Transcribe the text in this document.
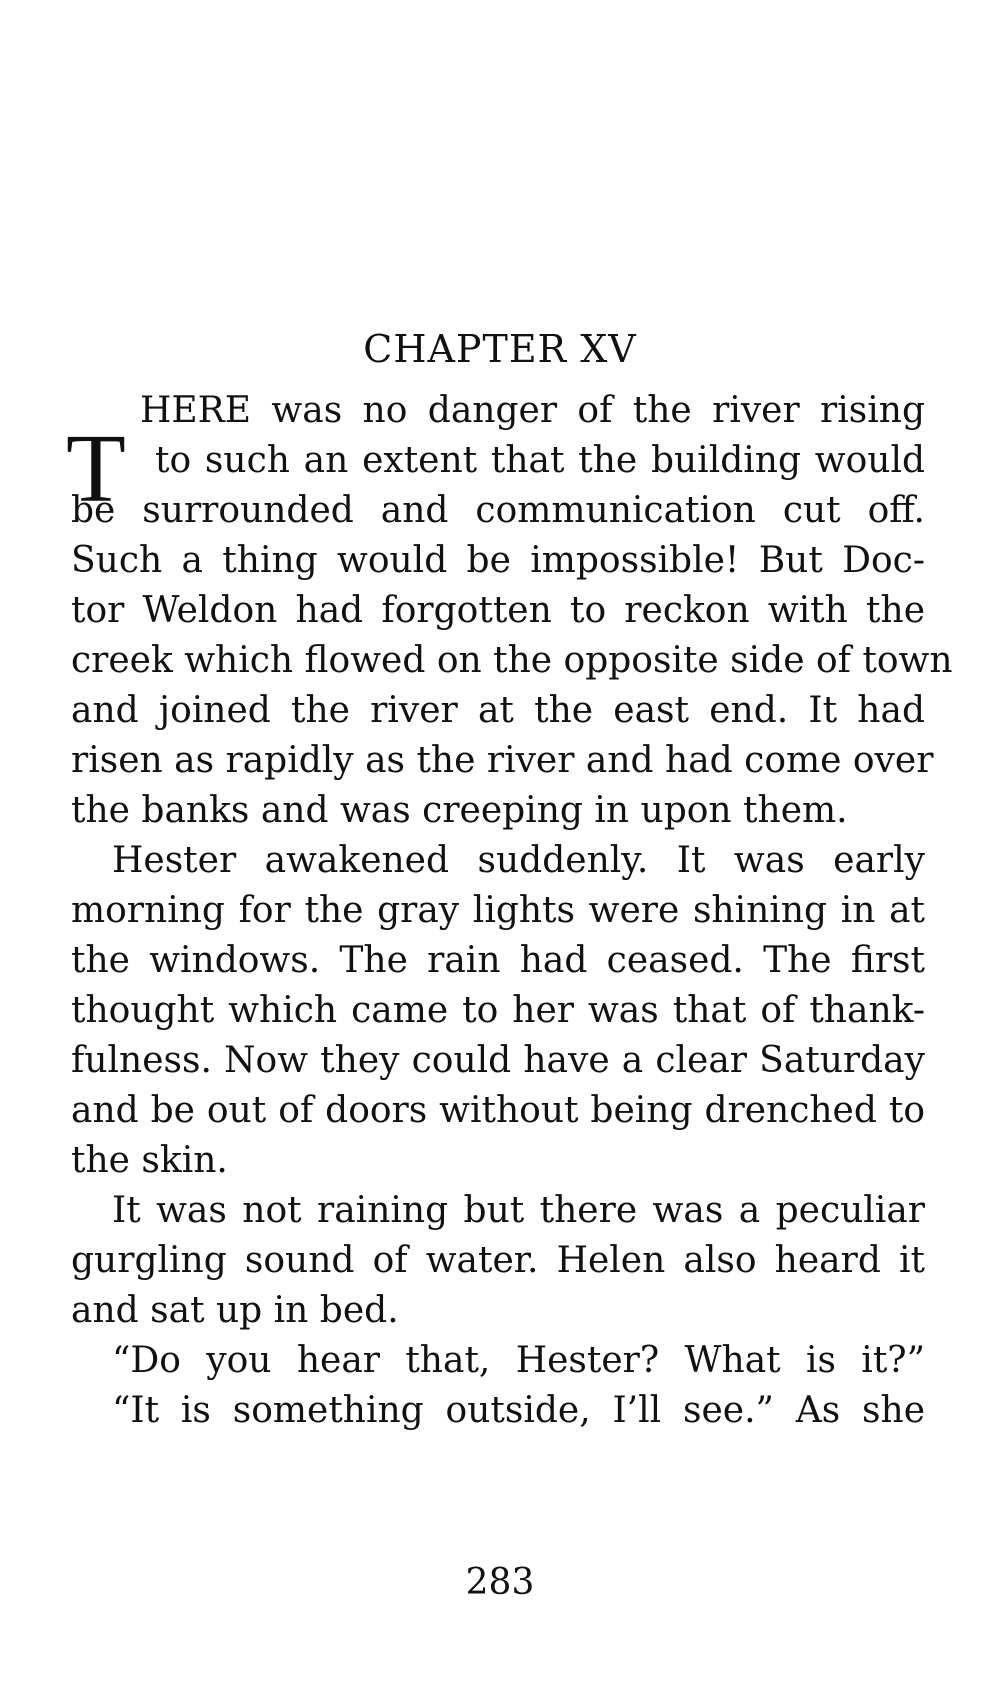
CHAPTER XV
T

HERE was no danger of the river rising

to such an extent that the building would

be surrounded and communication cut off.

Such a thing would be impossible! But Doc-

tor Weldon had forgotten to reckon with the

creek which flowed on the opposite side of town

and joined the river at the east end. It had

risen as rapidly as the river and had come over

the banks and was creeping in upon them.

Hester awakened suddenly. It was early

morning for the gray lights were shining in at

the windows. The rain had ceased. The first

thought which came to her was that of thank-

fulness. Now they could have a clear Saturday

and be out of doors without being drenched to

the skin.

It was not raining but there was a peculiar

gurgling sound of water. Helen also heard it

and sat up in bed.

“Do you hear that, Hester? What is it?”

“It is something outside, I’ll see.” As she

283
